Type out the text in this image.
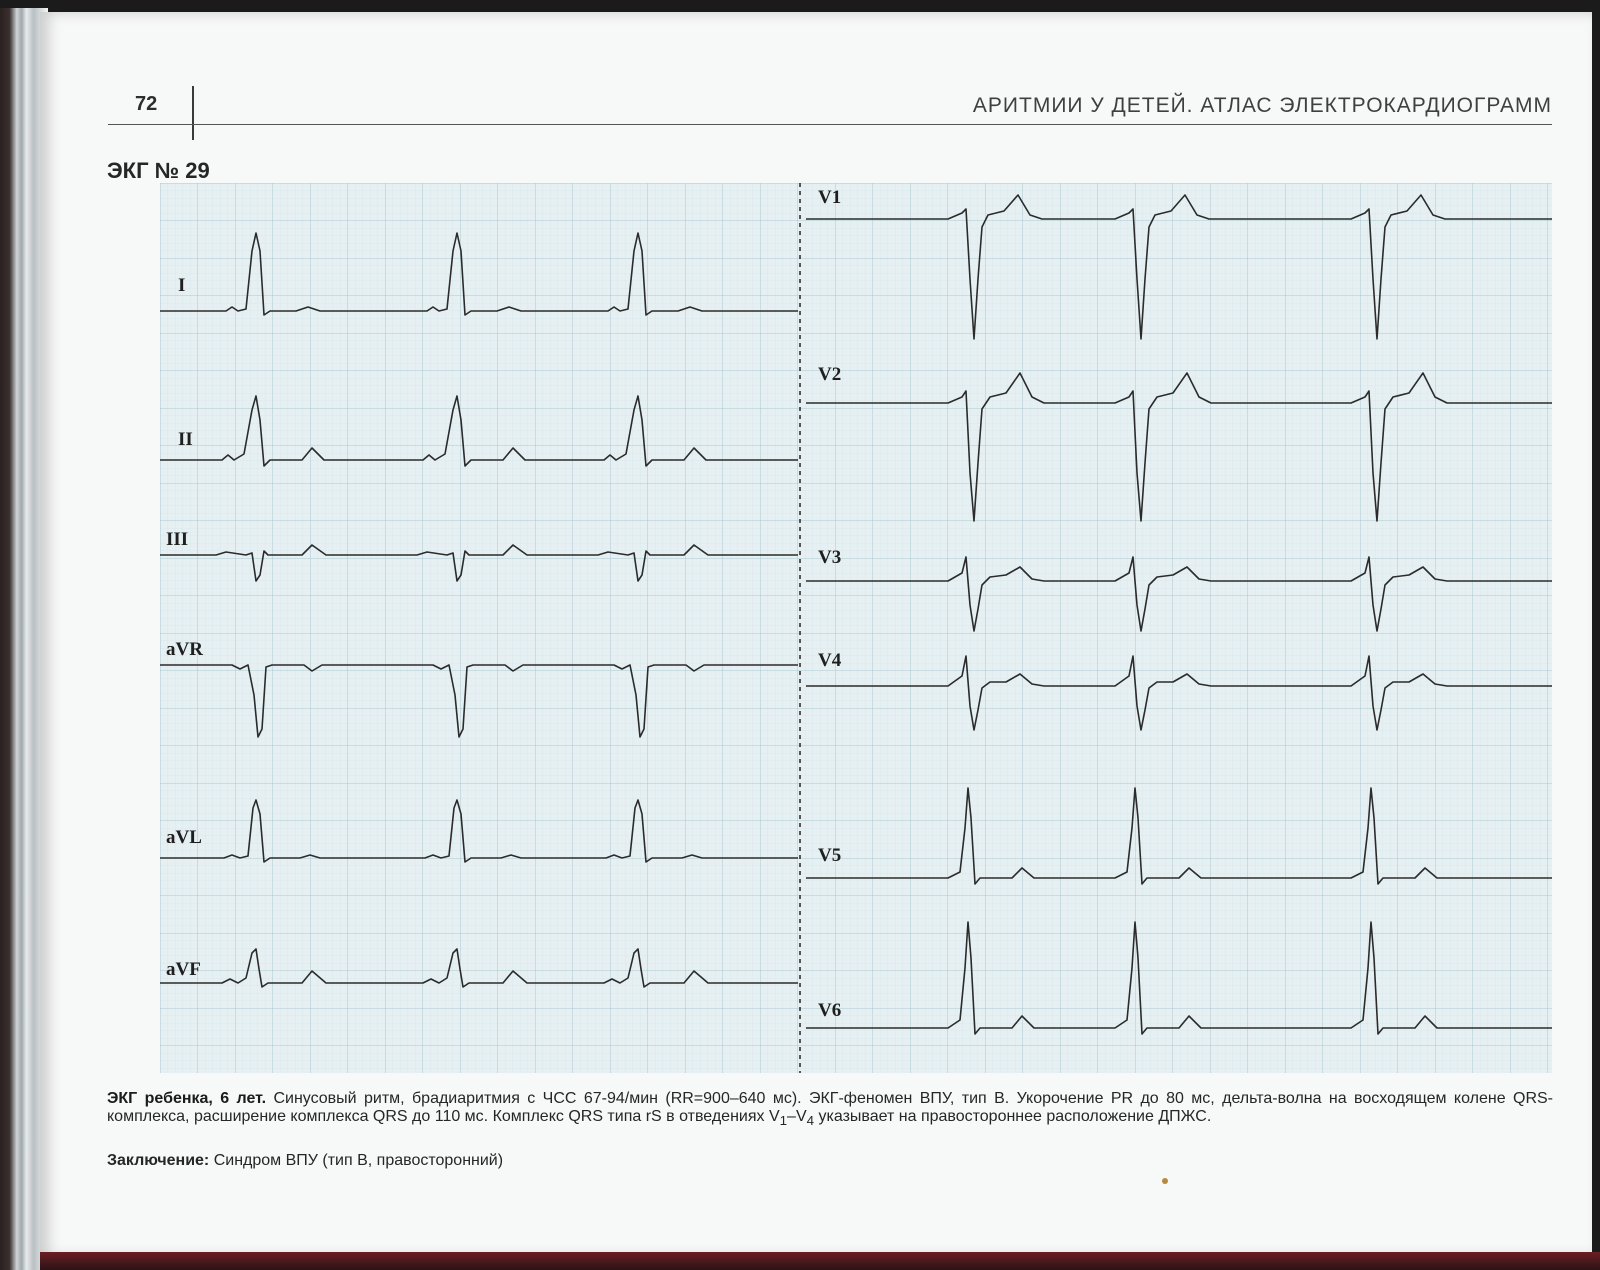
72	АРИТМИИ У ДЕТЕЙ. АТЛАС ЭЛЕКТРОКАРДИОГРАММ
ЭКГ № 29
I
II
III
aVR
aVL
aVF
V1
V2
V3
V4
V5
V6
ЭКГ ребенка, 6 лет. Синусовый ритм, брадиаритмия с ЧСС 67-94/мин (RR=900–640 мс). ЭКГ-феномен ВПУ, тип В. Укорочение PR до 80 мс, дельта-волна на восходящем колене QRS-комплекса, расширение комплекса QRS до 110 мс. Комплекс QRS типа rS в отведениях $V_1-V_4$ указывает на правостороннее расположение ДПЖС.
Заключение: Синдром ВПУ (тип В, правосторонний)
